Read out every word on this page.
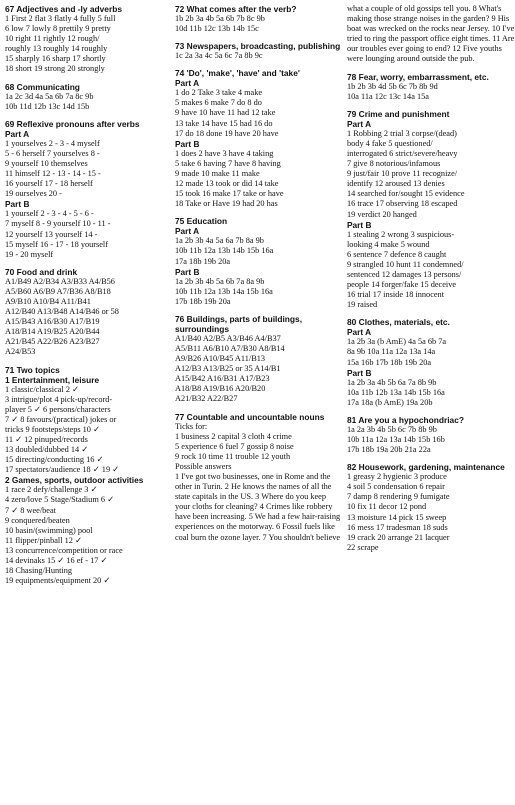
67 Adjectives and -ly adverbs
1 First 2 flat 3 flatly 4 fully 5 full
6 low 7 lowly 8 prettily 9 pretty
10 right 11 rightly 12 rough/
roughly 13 roughly 14 roughly
15 sharply 16 sharp 17 shortly
18 short 19 strong 20 strongly
68 Communicating
1a 2c 3d 4a 5a 6b 7a 8c 9b
10b 11d 12b 13c 14d 15b
69 Reflexive pronouns after verbs
Part A
1 yourselves 2 - 3 - 4 myself
5 - 6 herself 7 yourselves 8 -
9 yourself 10 themselves
11 himself 12 - 13 - 14 - 15 -
16 yourself 17 - 18 herself
19 ourselves 20 -
Part B
1 yourself 2 - 3 - 4 - 5 - 6 -
7 myself 8 - 9 yourself 10 - 11 -
12 yourself 13 yourself 14 -
15 myself 16 - 17 - 18 yourself
19 - 20 myself
70 Food and drink
A1/B49 A2/B34 A3/B33 A4/B56
A5/B60 A6/B9 A7/B36 A8/B18
A9/B10 A10/B4 A11/B41
A12/B40 A13/B48 A14/B46 or 58
A15/B43 A16/B30 A17/B19
A18/B14 A19/B25 A20/B44
A21/B45 A22/B26 A23/B27
A24/B53
71 Two topics
1 Entertainment, leisure
1 classic/classical 2 ✓
3 intrigue/plot 4 pick-up/record-
player 5 ✓ 6 persons/characters
7 ✓ 8 favours/(practical) jokes or
tricks 9 footsteps/steps 10 ✓
11 ✓ 12 pinuped/records
13 doubled/dubbed 14 ✓
15 directing/conducting 16 ✓
17 spectators/audience 18 ✓ 19 ✓
2 Games, sports, outdoor activities
1 race 2 defy/challenge 3 ✓
4 zero/love 5 Stage/Stadium 6 ✓
7 ✓ 8 wee/beat
9 conquered/beaten
10 basin/(swimming) pool
11 flipper/pinball 12 ✓
13 concurrence/competition or race
14 devinaks 15 ✓ 16 ef - 17 ✓
18 Chasing/Hunting
19 equipments/equipment 20 ✓
72 What comes after the verb?
1b 2b 3a 4b 5a 6b 7b 8c 9b
10d 11b 12c 13b 14b 15c
73 Newspapers, broadcasting, publishing
1c 2a 3a 4c 5a 6c 7a 8b 9c
74 'Do', 'make', 'have' and 'take'
Part A
1 do 2 Take 3 take 4 make
5 makes 6 make 7 do 8 do
9 have 10 have 11 had 12 take
13 take 14 have 15 had 16 do
17 do 18 done 19 have 20 have
Part B
1 does 2 have 3 have 4 taking
5 take 6 having 7 have 8 having
9 made 10 make 11 make
12 made 13 took or did 14 take
15 took 16 make 17 take or have
18 Take or Have 19 had 20 has
75 Education
Part A
1a 2b 3b 4a 5a 6a 7b 8a 9b
10b 11b 12a 13b 14b 15b 16a
17a 18b 19b 20a
Part B
1a 2b 3b 4b 5a 6b 7a 8a 9b
10b 11b 12a 13b 14a 15b 16a
17b 18b 19b 20a
76 Buildings, parts of buildings, surroundings
A1/B40 A2/B5 A3/B46 A4/B37
A5/B11 A6/B10 A7/B30 A8/B14
A9/B26 A10/B45 A11/B13
A12/B3 A13/B25 or 35 A14/B1
A15/B42 A16/B31 A17/B23
A18/B8 A19/B16 A20/B20
A21/B32 A22/B27
77 Countable and uncountable nouns
Ticks for:
1 business 2 capital 3 cloth 4 crime
5 experience 6 fuel 7 gossip 8 noise
9 rock 10 time 11 trouble 12 youth
Possible answers
1 I've got two businesses, one in Rome and the other in Turin. 2 He knows the names of all the state capitals in the US. 3 Where do you keep your cloths for cleaning? 4 Crimes like robbery have been increasing. 5 We had a few hair-raising experiences on the motorway. 6 Fossil fuels like coal burn the ozone layer. 7 You shouldn't believe
what a couple of old gossips tell you. 8 What's making those strange noises in the garden? 9 His boat was wrecked on the rocks near Jersey. 10 I've tried to ring the passport office eight times. 11 Are our troubles ever going to end? 12 Five youths were lounging around outside the pub.
78 Fear, worry, embarrassment, etc.
1b 2b 3b 4d 5b 6c 7b 8b 9d
10a 11a 12c 13c 14a 15a
79 Crime and punishment
Part A
1 Robbing 2 trial 3 corpse/(dead)
body 4 fake 5 questioned/
interrogated 6 strict/severe/heavy
7 give 8 notorious/infamous
9 just/fair 10 prove 11 recognize/
identify 12 aroused 13 denies
14 searched for/sought 15 evidence
16 trace 17 observing 18 escaped
19 verdict 20 hanged
Part B
1 stealing 2 wrong 3 suspicious-
looking 4 make 5 wound
6 sentence 7 defence 8 caught
9 strangled 10 hunt 11 condemned/
sentenced 12 damages 13 persons/
people 14 forger/fake 15 deceive
16 trial 17 inside 18 innocent
19 raised
80 Clothes, materials, etc.
Part A
1a 2b 3a (b AmE) 4a 5a 6b 7a
8a 9b 10a 11a 12a 13a 14a
15a 16b 17b 18b 19b 20a
Part B
1a 2b 3a 4b 5b 6a 7a 8b 9b
10a 11b 12b 13a 14b 15b 16a
17a 18a (b AmE) 19a 20b
81 Are you a hypochondriac?
1a 2a 3b 4b 5b 6c 7b 8b 9b
10b 11a 12a 13a 14b 15b 16b
17b 18b 19a 20b 21a 22a
82 Housework, gardening, maintenance
1 greasy 2 hygienic 3 produce
4 soil 5 condensation 6 repair
7 damp 8 rendering 9 fumigate
10 fix 11 decor 12 pond
13 moisture 14 pick 15 sweep
16 mess 17 tradesman 18 suds
19 crack 20 arrange 21 lacquer
22 scrape
